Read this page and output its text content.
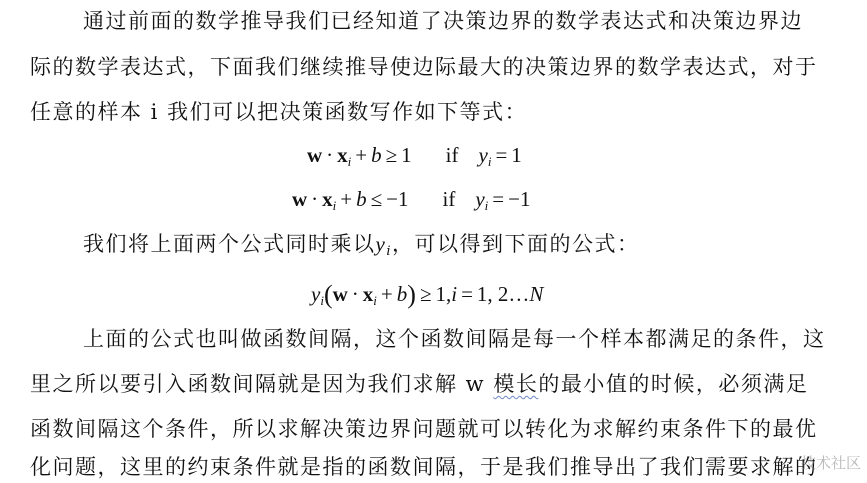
通过前面的数学推导我们已经知道了决策边界的数学表达式和决策边界边
际的数学表达式，下面我们继续推导使边际最大的决策边界的数学表达式，对于
任意的样本 i 我们可以把决策函数写作如下等式：
$w \cdot x_i + b \ge 1$ if $y_i = 1$
$w \cdot x_i + b \le -1$ if $y_i = -1$
我们将上面两个公式同时乘以$y_i$，可以得到下面的公式：
$y_i(w \cdot x_i + b) \ge 1,i = 1$, 2…N
上面的公式也叫做函数间隔，这个函数间隔是每一个样本都满足的条件，这
里之所以要引入函数间隔就是因为我们求解 w 模长的最小值的时候，必须满足
函数间隔这个条件，所以求解决策边界问题就可以转化为求解约束条件下的最优
化问题，这里的约束条件就是指的函数间隔，于是我们推导出了我们需要求解的
技术社区
